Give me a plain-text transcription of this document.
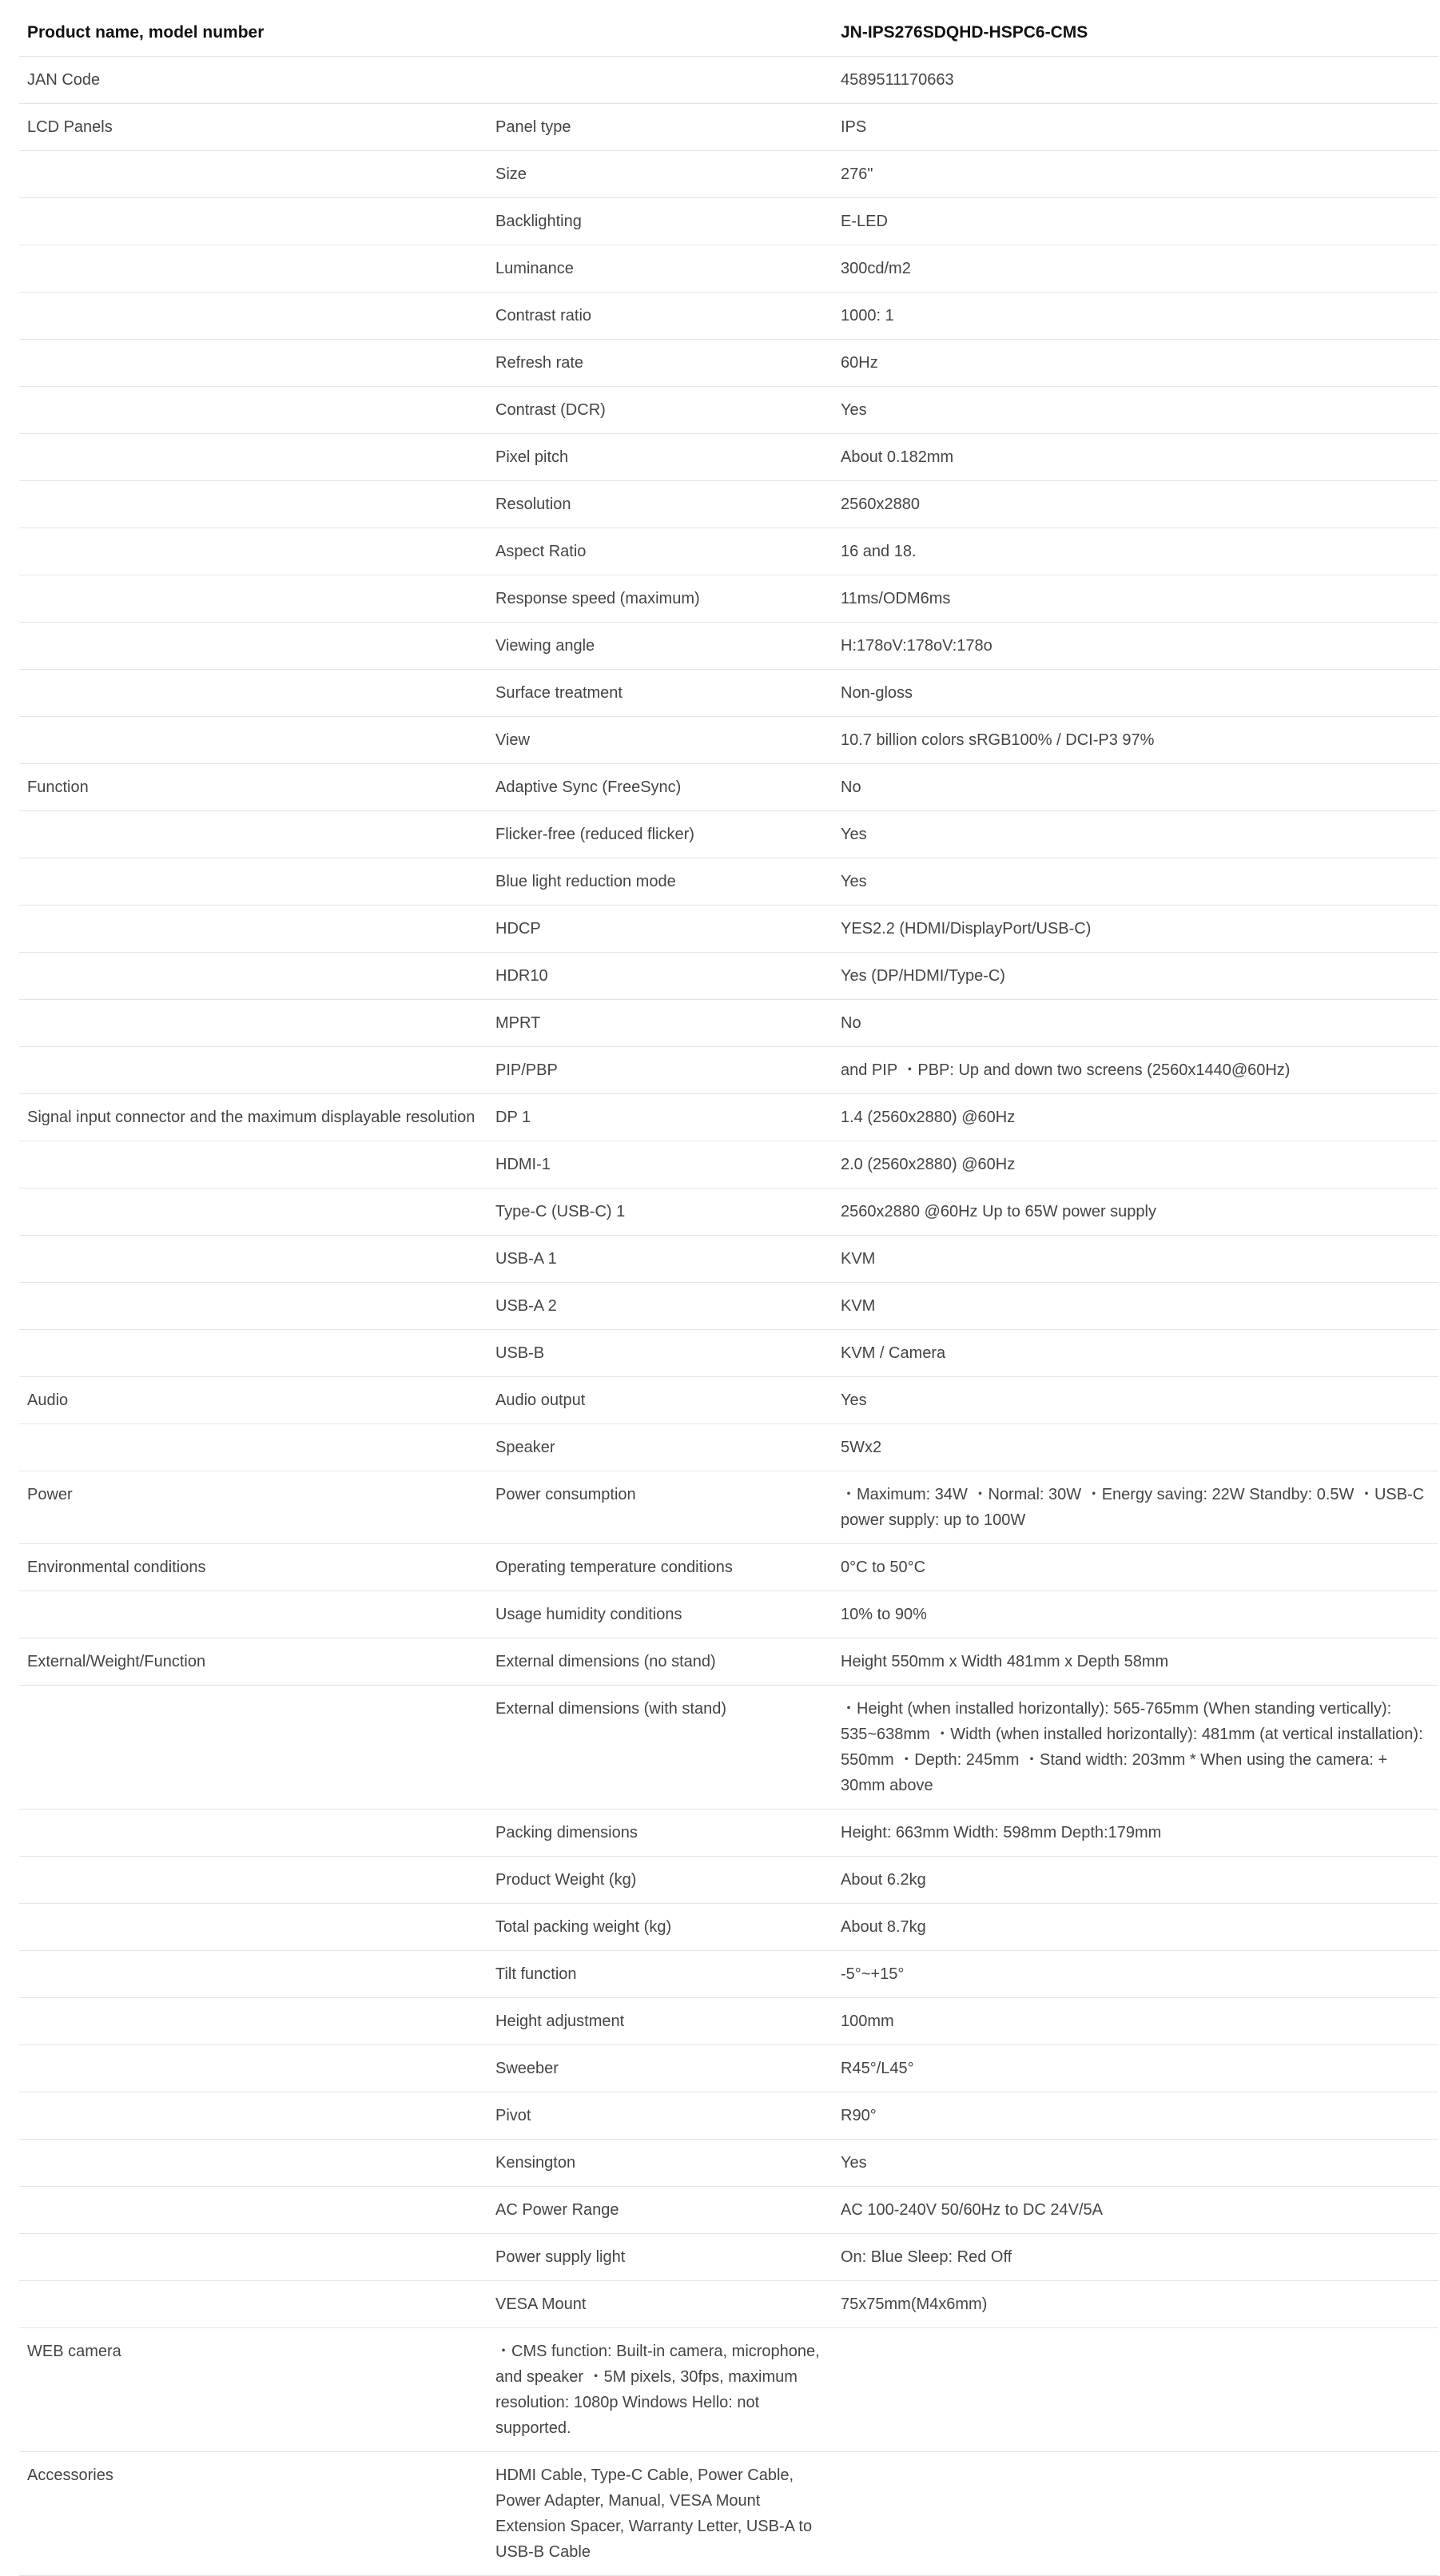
Product name, model number		JN-IPS276SDQHD-HSPC6-CMS
JAN Code		4589511170663
LCD Panels	Panel type	IPS
	Size	276"
	Backlighting	E-LED
	Luminance	300cd/m2
	Contrast ratio	1000: 1
	Refresh rate	60Hz
	Contrast (DCR)	Yes
	Pixel pitch	About 0.182mm
	Resolution	2560x2880
	Aspect Ratio	16 and 18.
	Response speed (maximum)	11ms/ODM6ms
	Viewing angle	H:178oV:178oV:178o
	Surface treatment	Non-gloss
	View	10.7 billion colors sRGB100% / DCI-P3 97%
Function	Adaptive Sync (FreeSync)	No
	Flicker-free (reduced flicker)	Yes
	Blue light reduction mode	Yes
	HDCP	YES2.2 (HDMI/DisplayPort/USB-C)
	HDR10	Yes (DP/HDMI/Type-C)
	MPRT	No
	PIP/PBP	and PIP ・PBP: Up and down two screens (2560x1440@60Hz)
Signal input connector and the maximum displayable resolution	DP 1	1.4 (2560x2880) @60Hz
	HDMI-1	2.0 (2560x2880) @60Hz
	Type-C (USB-C) 1	2560x2880 @60Hz Up to 65W power supply
	USB-A 1	KVM
	USB-A 2	KVM
	USB-B	KVM / Camera
Audio	Audio output	Yes
	Speaker	5Wx2
Power	Power consumption	・Maximum: 34W ・Normal: 30W ・Energy saving: 22W Standby: 0.5W ・USB-C power supply: up to 100W
Environmental conditions	Operating temperature conditions	0°C to 50°C
	Usage humidity conditions	10% to 90%
External/Weight/Function	External dimensions (no stand)	Height 550mm x Width 481mm x Depth 58mm
	External dimensions (with stand)	・Height (when installed horizontally): 565-765mm (When standing vertically): 535~638mm ・Width (when installed horizontally): 481mm (at vertical installation): 550mm ・Depth: 245mm ・Stand width: 203mm * When using the camera: + 30mm above
	Packing dimensions	Height: 663mm Width: 598mm Depth:179mm
	Product Weight (kg)	About 6.2kg
	Total packing weight (kg)	About 8.7kg
	Tilt function	-5°~+15°
	Height adjustment	100mm
	Sweeber	R45°/L45°
	Pivot	R90°
	Kensington	Yes
	AC Power Range	AC 100-240V 50/60Hz to DC 24V/5A
	Power supply light	On: Blue Sleep: Red Off
	VESA Mount	75x75mm(M4x6mm)
WEB camera	・CMS function: Built-in camera, microphone, and speaker ・5M pixels, 30fps, maximum resolution: 1080p Windows Hello: not supported.	
Accessories	HDMI Cable, Type-C Cable, Power Cable, Power Adapter, Manual, VESA Mount Extension Spacer, Warranty Letter, USB-A to USB-B Cable	
